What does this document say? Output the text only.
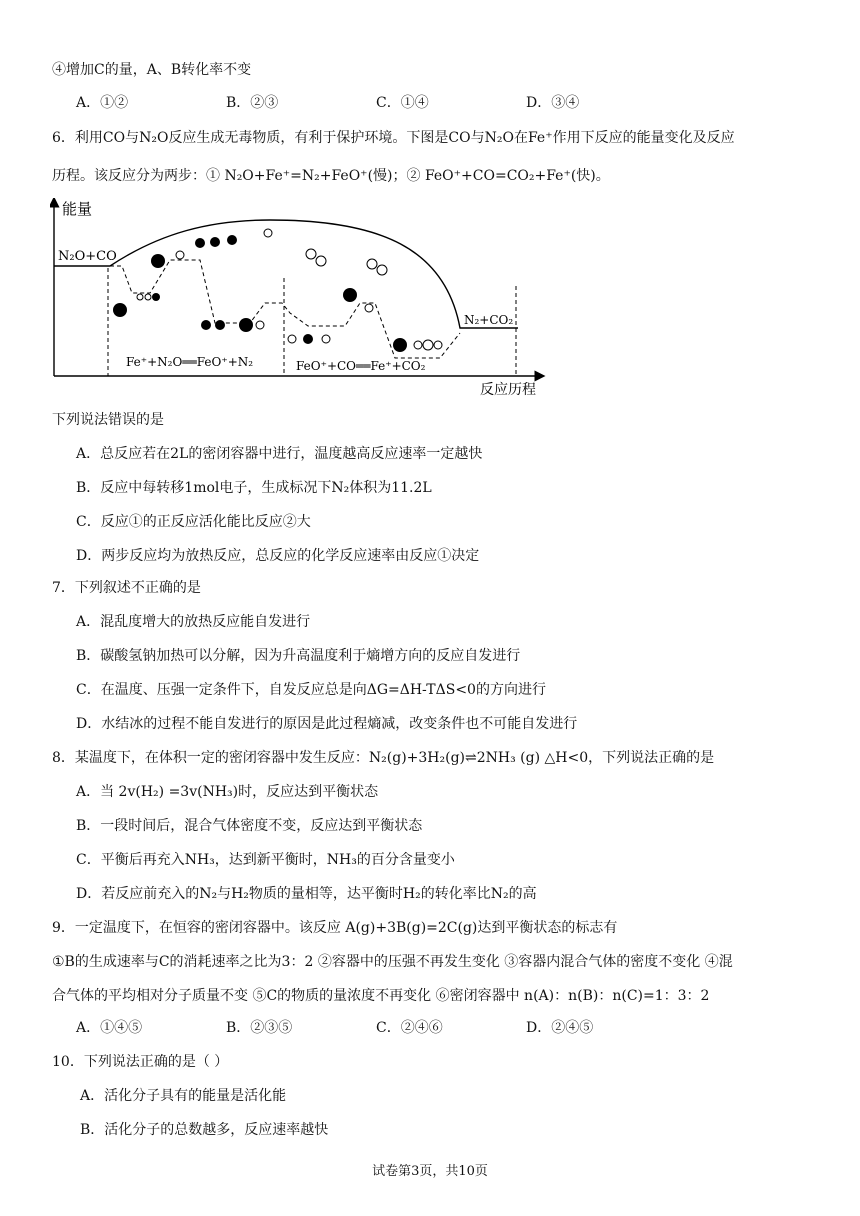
④增加C的量，A、B转化率不变
A．①②	B．②③	C．①④	D．③④
6．利用CO与N₂O反应生成无毒物质，有利于保护环境。下图是CO与N₂O在Fe⁺作用下反应的能量变化及反应
历程。该反应分为两步：① N₂O+Fe⁺=N₂+FeO⁺(慢)；② FeO⁺+CO=CO₂+Fe⁺(快)。
能量
反应历程
N₂O+CO
N₂+CO₂
Fe⁺+N₂O══FeO⁺+N₂	FeO⁺+CO══Fe⁺+CO₂
下列说法错误的是
A．总反应若在2L的密闭容器中进行，温度越高反应速率一定越快
B．反应中每转移1mol电子，生成标况下N₂体积为11.2L
C．反应①的正反应活化能比反应②大
D．两步反应均为放热反应，总反应的化学反应速率由反应①决定
7．下列叙述不正确的是
A．混乱度增大的放热反应能自发进行
B．碳酸氢钠加热可以分解，因为升高温度利于熵增方向的反应自发进行
C．在温度、压强一定条件下，自发反应总是向ΔG=ΔH-TΔS<0的方向进行
D．水结冰的过程不能自发进行的原因是此过程熵减，改变条件也不可能自发进行
8．某温度下，在体积一定的密闭容器中发生反应：N₂(g)+3H₂(g)⇌2NH₃ (g) △H<0，下列说法正确的是
A．当 2v(H₂) =3v(NH₃)时，反应达到平衡状态
B．一段时间后，混合气体密度不变，反应达到平衡状态
C．平衡后再充入NH₃，达到新平衡时，NH₃的百分含量变小
D．若反应前充入的N₂与H₂物质的量相等，达平衡时H₂的转化率比N₂的高
9．一定温度下，在恒容的密闭容器中。该反应 A(g)+3B(g)=2C(g)达到平衡状态的标志有
①B的生成速率与C的消耗速率之比为3：2 ②容器中的压强不再发生变化 ③容器内混合气体的密度不变化 ④混
合气体的平均相对分子质量不变 ⑤C的物质的量浓度不再变化 ⑥密闭容器中 n(A)：n(B)：n(C)=1：3：2
A．①④⑤	B．②③⑤	C．②④⑥	D．②④⑤
10．下列说法正确的是（ ）
A．活化分子具有的能量是活化能
B．活化分子的总数越多，反应速率越快
试卷第3页，共10页
